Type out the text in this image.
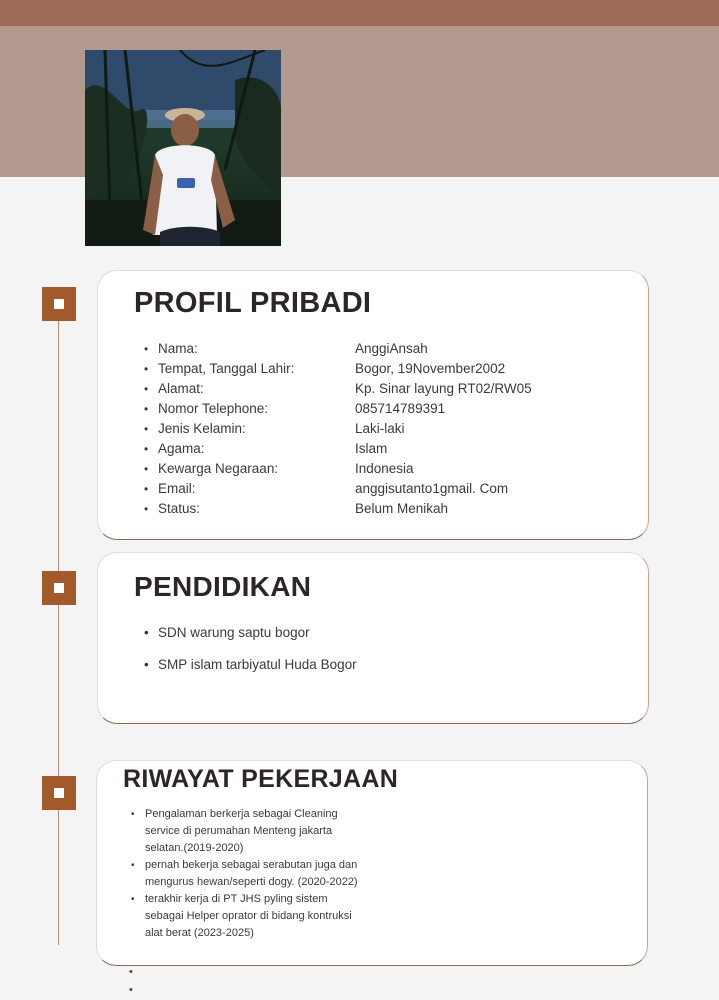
PROFIL PRIBADI
• Nama:	AnggiAnsah
• Tempat, Tanggal Lahir:	Bogor, 19November2002
• Alamat:	Kp. Sinar layung RT02/RW05
• Nomor Telephone:	085714789391
• Jenis Kelamin:	Laki-laki
• Agama:	Islam
• Kewarga Negaraan:	Indonesia
• Email:	anggisutanto1gmail. Com
• Status:	Belum Menikah
PENDIDIKAN
• SDN warung saptu bogor
• SMP islam tarbiyatul Huda Bogor
RIWAYAT PEKERJAAN
• Pengalaman berkerja sebagai Cleaning service di perumahan Menteng jakarta selatan.(2019-2020)
• pernah bekerja sebagai serabutan juga dan mengurus hewan/seperti dogy. (2020-2022)
• terakhir kerja di PT JHS pyling sistem sebagai Helper oprator di bidang kontruksi alat berat (2023-2025)
•
•
